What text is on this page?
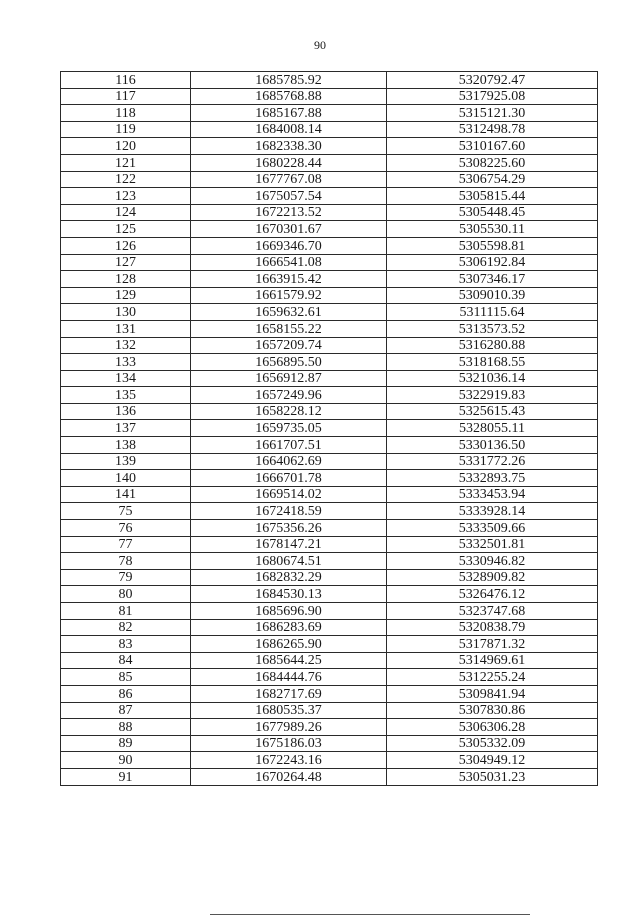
90
116	1685785.92	5320792.47
117	1685768.88	5317925.08
118	1685167.88	5315121.30
119	1684008.14	5312498.78
120	1682338.30	5310167.60
121	1680228.44	5308225.60
122	1677767.08	5306754.29
123	1675057.54	5305815.44
124	1672213.52	5305448.45
125	1670301.67	5305530.11
126	1669346.70	5305598.81
127	1666541.08	5306192.84
128	1663915.42	5307346.17
129	1661579.92	5309010.39
130	1659632.61	5311115.64
131	1658155.22	5313573.52
132	1657209.74	5316280.88
133	1656895.50	5318168.55
134	1656912.87	5321036.14
135	1657249.96	5322919.83
136	1658228.12	5325615.43
137	1659735.05	5328055.11
138	1661707.51	5330136.50
139	1664062.69	5331772.26
140	1666701.78	5332893.75
141	1669514.02	5333453.94
75	1672418.59	5333928.14
76	1675356.26	5333509.66
77	1678147.21	5332501.81
78	1680674.51	5330946.82
79	1682832.29	5328909.82
80	1684530.13	5326476.12
81	1685696.90	5323747.68
82	1686283.69	5320838.79
83	1686265.90	5317871.32
84	1685644.25	5314969.61
85	1684444.76	5312255.24
86	1682717.69	5309841.94
87	1680535.37	5307830.86
88	1677989.26	5306306.28
89	1675186.03	5305332.09
90	1672243.16	5304949.12
91	1670264.48	5305031.23
